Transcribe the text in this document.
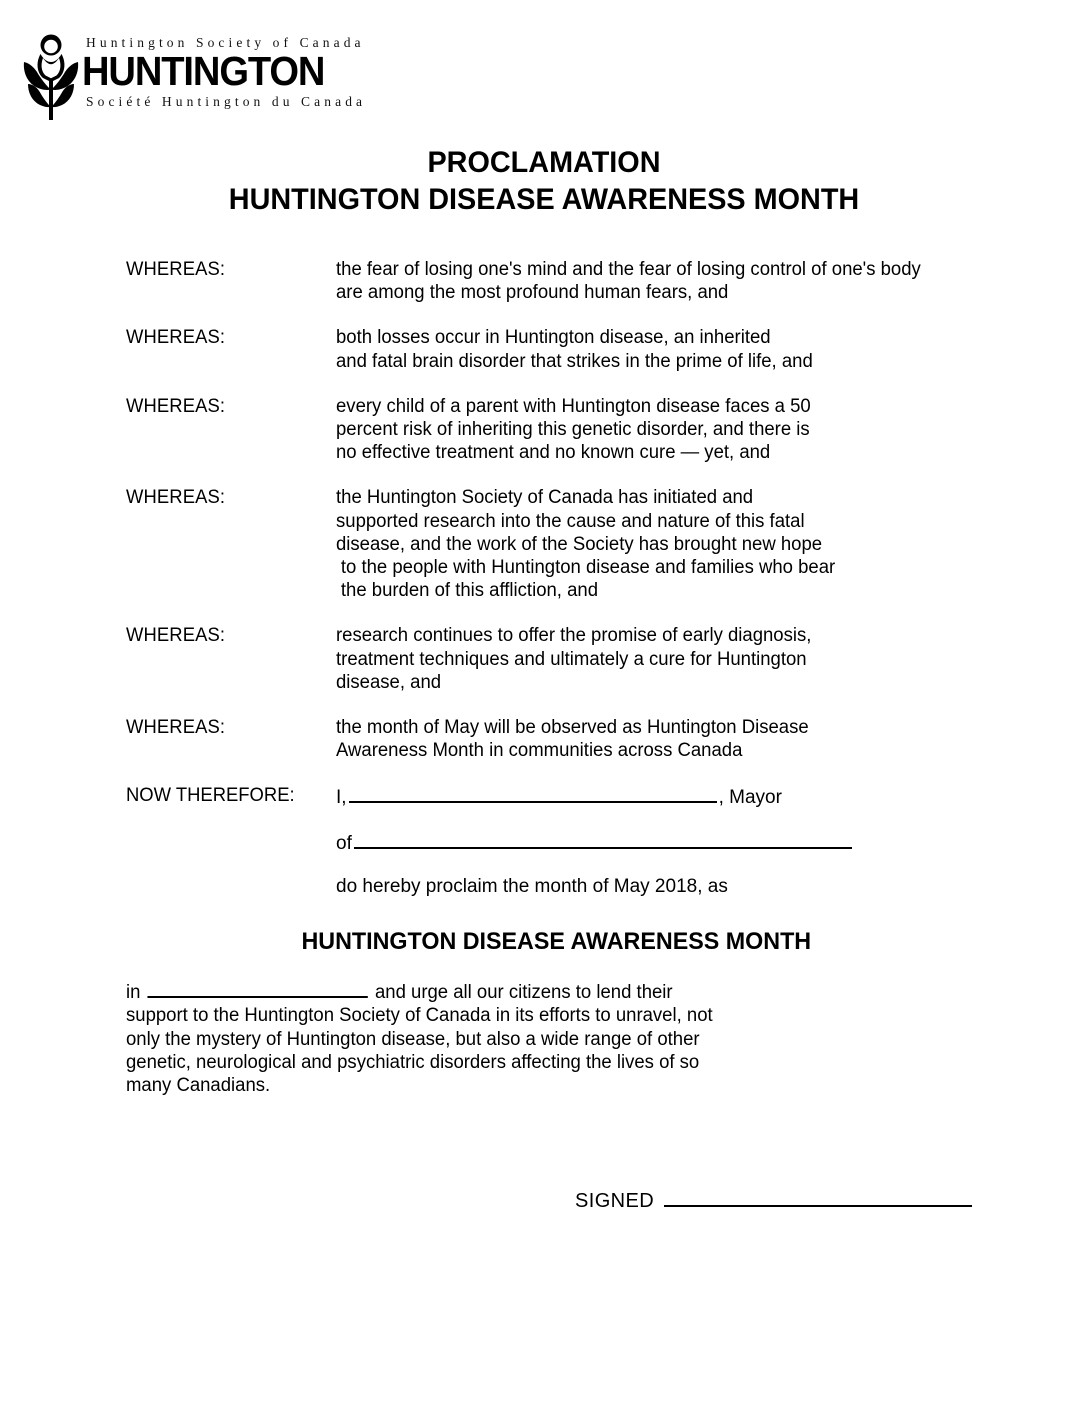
Huntington Society of Canada
HUNTINGTON
Société Huntington du Canada
PROCLAMATION
HUNTINGTON DISEASE AWARENESS MONTH
WHEREAS:	the fear of losing one's mind and the fear of losing control of one's body
are among the most profound human fears, and
WHEREAS:	both losses occur in Huntington disease, an inherited
and fatal brain disorder that strikes in the prime of life, and
WHEREAS:	every child of a parent with Huntington disease faces a 50
percent risk of inheriting this genetic disorder, and there is
no effective treatment and no known cure — yet, and
WHEREAS:	the Huntington Society of Canada has initiated and
supported research into the cause and nature of this fatal
disease, and the work of the Society has brought new hope
to the people with Huntington disease and families who bear
the burden of this affliction, and
WHEREAS:	research continues to offer the promise of early diagnosis,
treatment techniques and ultimately a cure for Huntington
disease, and
WHEREAS:	the month of May will be observed as Huntington Disease
Awareness Month in communities across Canada
NOW THEREFORE:	I,	, Mayor
of
do hereby proclaim the month of May 2018, as
HUNTINGTON DISEASE AWARENESS MONTH
in	and urge all our citizens to lend their
support to the Huntington Society of Canada in its efforts to unravel, not
only the mystery of Huntington disease, but also a wide range of other
genetic, neurological and psychiatric disorders affecting the lives of so
many Canadians.
SIGNED
